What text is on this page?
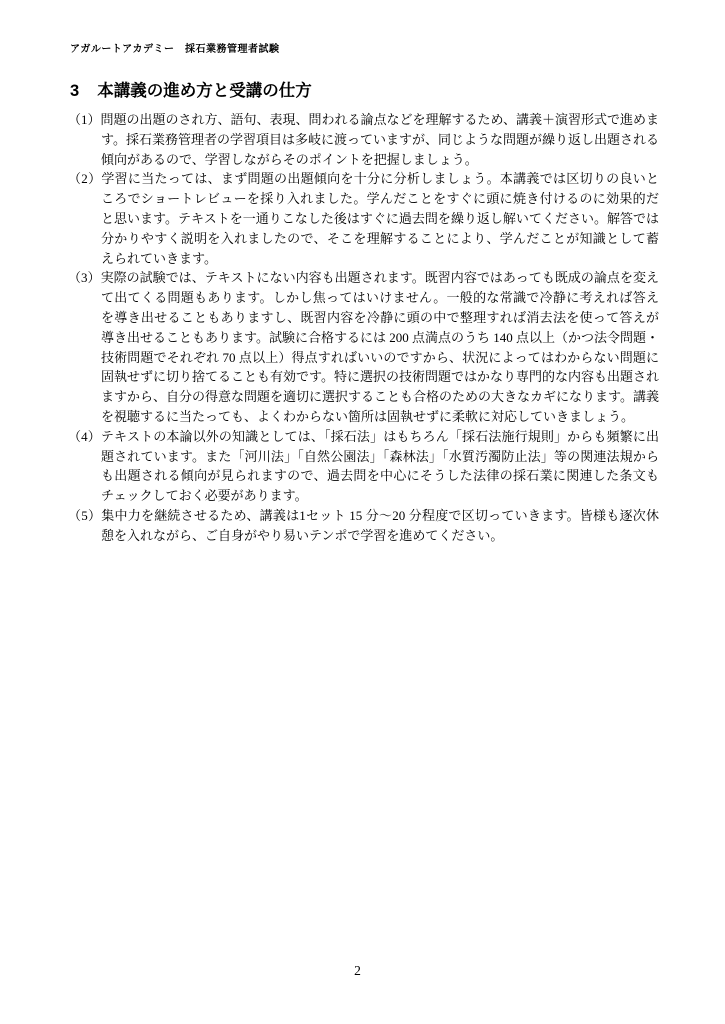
アガルートアカデミー　採石業務管理者試験
3 本講義の進め方と受講の仕方

（1）問題の出題のされ方、語句、表現、問われる論点などを理解するため、講義＋演習形式で進めます。採石業務管理者の学習項目は多岐に渡っていますが、同じような問題が繰り返し出題される傾向があるので、学習しながらそのポイントを把握しましょう。

（2）学習に当たっては、まず問題の出題傾向を十分に分析しましょう。本講義では区切りの良いところでショートレビューを採り入れました。学んだことをすぐに頭に焼き付けるのに効果的だと思います。テキストを一通りこなした後はすぐに過去問を繰り返し解いてください。解答では分かりやすく説明を入れましたので、そこを理解することにより、学んだことが知識として蓄えられていきます。

（3）実際の試験では、テキストにない内容も出題されます。既習内容ではあっても既成の論点を変えて出てくる問題もあります。しかし焦ってはいけません。一般的な常識で冷静に考えれば答えを導き出せることもありますし、既習内容を冷静に頭の中で整理すれば消去法を使って答えが導き出せることもあります。試験に合格するには 200 点満点のうち 140 点以上（かつ法令問題・技術問題でそれぞれ 70 点以上）得点すればいいのですから、状況によってはわからない問題に固執せずに切り捨てることも有効です。特に選択の技術問題ではかなり専門的な内容も出題されますから、自分の得意な問題を適切に選択することも合格のための大きなカギになります。講義を視聴するに当たっても、よくわからない箇所は固執せずに柔軟に対応していきましょう。

（4）テキストの本論以外の知識としては、「採石法」はもちろん「採石法施行規則」からも頻繁に出題されています。また「河川法」「自然公園法」「森林法」「水質汚濁防止法」等の関連法規からも出題される傾向が見られますので、過去問を中心にそうした法律の採石業に関連した条文もチェックしておく必要があります。

（5）集中力を継続させるため、講義は1セット 15 分～20 分程度で区切っていきます。皆様も逐次休憩を入れながら、ご自身がやり易いテンポで学習を進めてください。

2
